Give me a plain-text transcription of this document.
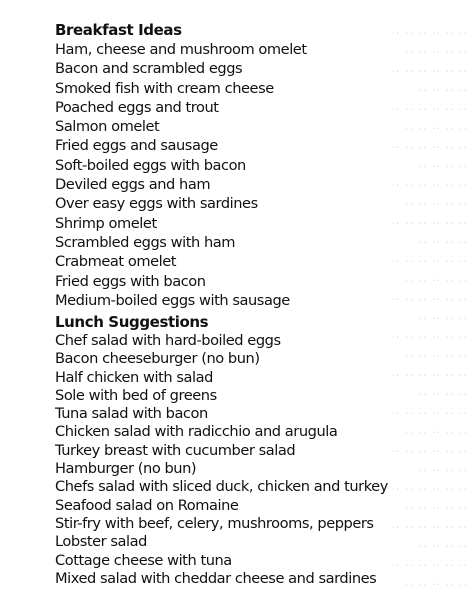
·· ·· ·· ·· ·· ··
·· ·· ·· ·· ··
·· ·· ·· ·· ·· ··
·· ·· ·· ··
·· ·· ·· ·· ·· ··
·· ·· ·· ·· ··
·· ·· ·· ·· ·· ··
·· ·· ·· ··
·· ·· ·· ·· ·· ··
·· ·· ·· ·· ··
·· ·· ·· ·· ·· ··
·· ·· ·· ··
·· ·· ·· ·· ·· ··
·· ·· ·· ·· ··
·· ·· ·· ·· ·· ··
·· ·· ·· ··
·· ·· ·· ·· ·· ··
·· ·· ·· ·· ··
·· ·· ·· ·· ·· ··
·· ·· ·· ··
·· ·· ·· ·· ·· ··
·· ·· ·· ·· ··
·· ·· ·· ·· ·· ··
·· ·· ·· ··
·· ·· ·· ·· ·· ··
·· ·· ·· ·· ··
·· ·· ·· ·· ·· ··
·· ·· ·· ··
·· ·· ·· ·· ·· ··
·· ·· ·· ·· ··
Breakfast Ideas
Ham, cheese and mushroom omelet
Bacon and scrambled eggs
Smoked fish with cream cheese
Poached eggs and trout
Salmon omelet
Fried eggs and sausage
Soft-boiled eggs with bacon
Deviled eggs and ham
Over easy eggs with sardines
Shrimp omelet
Scrambled eggs with ham
Crabmeat omelet
Fried eggs with bacon
Medium-boiled eggs with sausage
Lunch Suggestions
Chef salad with hard-boiled eggs
Bacon cheeseburger (no bun)
Half chicken with salad
Sole with bed of greens
Tuna salad with bacon
Chicken salad with radicchio and arugula
Turkey breast with cucumber salad
Hamburger (no bun)
Chefs salad with sliced duck, chicken and turkey
Seafood salad on Romaine
Stir-fry with beef, celery, mushrooms, peppers
Lobster salad
Cottage cheese with tuna
Mixed salad with cheddar cheese and sardines
